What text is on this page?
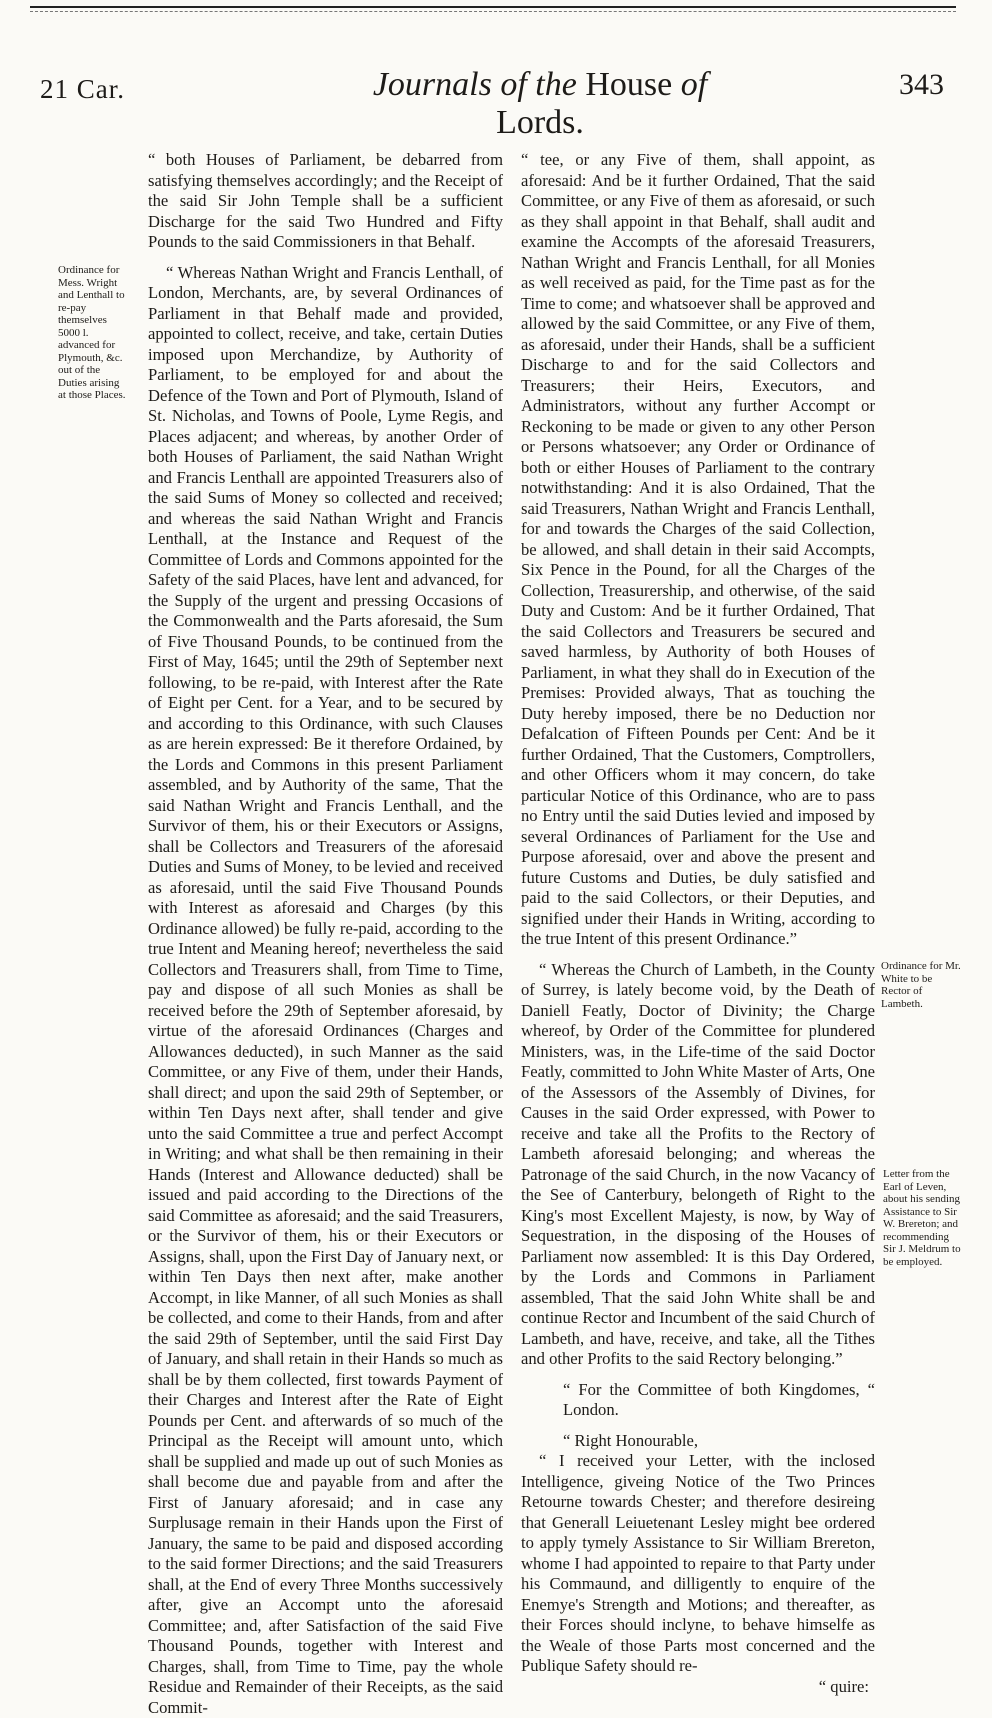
21 Car.	Journals of the House of Lords.
343
Ordinance for Mess. Wright and Lenthall to re-pay themselves 5000 l. advanced for Plymouth, &c. out of the Duties arising at those Places.
Ordinance for Mr. White to be Rector of Lambeth.
Letter from the Earl of Leven, about his sending Assistance to Sir W. Brereton; and recommending Sir J. Meldrum to be employed.

“ both Houses of Parliament, be debarred from satisfying themselves accordingly; and the Receipt of the said Sir John Temple shall be a sufficient Discharge for the said Two Hundred and Fifty Pounds to the said Commissioners in that Behalf.

“ Whereas Nathan Wright and Francis Lenthall, of London, Merchants, are, by several Ordinances of Parliament in that Behalf made and provided, appointed to collect, receive, and take, certain Duties imposed upon Merchandize, by Authority of Parliament, to be employed for and about the Defence of the Town and Port of Plymouth, Island of St. Nicholas, and Towns of Poole, Lyme Regis, and Places adjacent; and whereas, by another Order of both Houses of Parliament, the said Nathan Wright and Francis Lenthall are appointed Treasurers also of the said Sums of Money so collected and received; and whereas the said Nathan Wright and Francis Lenthall, at the Instance and Request of the Committee of Lords and Commons appointed for the Safety of the said Places, have lent and advanced, for the Supply of the urgent and pressing Occasions of the Commonwealth and the Parts aforesaid, the Sum of Five Thousand Pounds, to be continued from the First of May, 1645; until the 29th of September next following, to be re-paid, with Interest after the Rate of Eight per Cent. for a Year, and to be secured by and according to this Ordinance, with such Clauses as are herein expressed: Be it therefore Ordained, by the Lords and Commons in this present Parliament assembled, and by Authority of the same, That the said Nathan Wright and Francis Lenthall, and the Survivor of them, his or their Executors or Assigns, shall be Collectors and Treasurers of the aforesaid Duties and Sums of Money, to be levied and received as aforesaid, until the said Five Thousand Pounds with Interest as aforesaid and Charges (by this Ordinance allowed) be fully re-paid, according to the true Intent and Meaning hereof; nevertheless the said Collectors and Treasurers shall, from Time to Time, pay and dispose of all such Monies as shall be received before the 29th of September aforesaid, by virtue of the aforesaid Ordinances (Charges and Allowances deducted), in such Manner as the said Committee, or any Five of them, under their Hands, shall direct; and upon the said 29th of September, or within Ten Days next after, shall tender and give unto the said Committee a true and perfect Accompt in Writing; and what shall be then remaining in their Hands (Interest and Allowance deducted) shall be issued and paid according to the Directions of the said Committee as aforesaid; and the said Treasurers, or the Survivor of them, his or their Executors or Assigns, shall, upon the First Day of January next, or within Ten Days then next after, make another Accompt, in like Manner, of all such Monies as shall be collected, and come to their Hands, from and after the said 29th of September, until the said First Day of January, and shall retain in their Hands so much as shall be by them collected, first towards Payment of their Charges and Interest after the Rate of Eight Pounds per Cent. and afterwards of so much of the Principal as the Receipt will amount unto, which shall be supplied and made up out of such Monies as shall become due and payable from and after the First of January aforesaid; and in case any Surplusage remain in their Hands upon the First of January, the same to be paid and disposed according to the said former Directions; and the said Treasurers shall, at the End of every Three Months successively after, give an Accompt unto the aforesaid Committee; and, after Satisfaction of the said Five Thousand Pounds, together with Interest and Charges, shall, from Time to Time, pay the whole Residue and Remainder of their Receipts, as the said Commit-

“ tee, or any Five of them, shall appoint, as aforesaid: And be it further Ordained, That the said Committee, or any Five of them as aforesaid, or such as they shall appoint in that Behalf, shall audit and examine the Accompts of the aforesaid Treasurers, Nathan Wright and Francis Lenthall, for all Monies as well received as paid, for the Time past as for the Time to come; and whatsoever shall be approved and allowed by the said Committee, or any Five of them, as aforesaid, under their Hands, shall be a sufficient Discharge to and for the said Collectors and Treasurers; their Heirs, Executors, and Administrators, without any further Accompt or Reckoning to be made or given to any other Person or Persons whatsoever; any Order or Ordinance of both or either Houses of Parliament to the contrary notwithstanding: And it is also Ordained, That the said Treasurers, Nathan Wright and Francis Lenthall, for and towards the Charges of the said Collection, be allowed, and shall detain in their said Accompts, Six Pence in the Pound, for all the Charges of the Collection, Treasurership, and otherwise, of the said Duty and Custom: And be it further Ordained, That the said Collectors and Treasurers be secured and saved harmless, by Authority of both Houses of Parliament, in what they shall do in Execution of the Premises: Provided always, That as touching the Duty hereby imposed, there be no Deduction nor Defalcation of Fifteen Pounds per Cent: And be it further Ordained, That the Customers, Comptrollers, and other Officers whom it may concern, do take particular Notice of this Ordinance, who are to pass no Entry until the said Duties levied and imposed by several Ordinances of Parliament for the Use and Purpose aforesaid, over and above the present and future Customs and Duties, be duly satisfied and paid to the said Collectors, or their Deputies, and signified under their Hands in Writing, according to the true Intent of this present Ordinance.”

“ Whereas the Church of Lambeth, in the County of Surrey, is lately become void, by the Death of Daniell Featly, Doctor of Divinity; the Charge whereof, by Order of the Committee for plundered Ministers, was, in the Life-time of the said Doctor Featly, committed to John White Master of Arts, One of the Assessors of the Assembly of Divines, for Causes in the said Order expressed, with Power to receive and take all the Profits to the Rectory of Lambeth aforesaid belonging; and whereas the Patronage of the said Church, in the now Vacancy of the See of Canterbury, belongeth of Right to the King's most Excellent Majesty, is now, by Way of Sequestration, in the disposing of the Houses of Parliament now assembled: It is this Day Ordered, by the Lords and Commons in Parliament assembled, That the said John White shall be and continue Rector and Incumbent of the said Church of Lambeth, and have, receive, and take, all the Tithes and other Profits to the said Rectory belonging.”

“ For the Committee of both Kingdomes, “ London.

“ Right Honourable,

“ I received your Letter, with the inclosed Intelligence, giveing Notice of the Two Princes Retourne towards Chester; and therefore desireing that Generall Leiuetenant Lesley might bee ordered to apply tymely Assistance to Sir William Brereton, whome I had appointed to repaire to that Party under his Commaund, and dilligently to enquire of the Enemye's Strength and Motions; and thereafter, as their Forces should inclyne, to behave himselfe as the Weale of those Parts most concerned and the Publique Safety should re-

“ quire:
